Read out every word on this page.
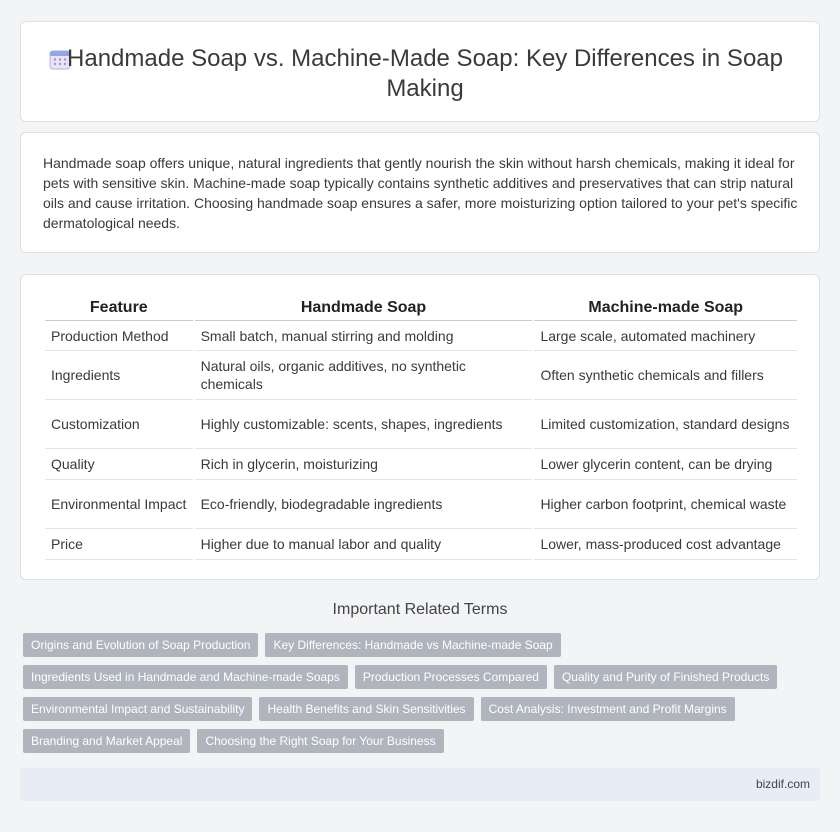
Handmade Soap vs. Machine-Made Soap: Key Differences in Soap Making

Handmade soap offers unique, natural ingredients that gently nourish the skin without harsh chemicals, making it ideal for pets with sensitive skin. Machine-made soap typically contains synthetic additives and preservatives that can strip natural oils and cause irritation. Choosing handmade soap ensures a safer, more moisturizing option tailored to your pet's specific dermatological needs.

Feature	Handmade Soap	Machine-made Soap
Production Method	Small batch, manual stirring and molding	Large scale, automated machinery
Ingredients	Natural oils, organic additives, no synthetic chemicals	Often synthetic chemicals and fillers
Customization	Highly customizable: scents, shapes, ingredients	Limited customization, standard designs
Quality	Rich in glycerin, moisturizing	Lower glycerin content, can be drying
Environmental Impact	Eco-friendly, biodegradable ingredients	Higher carbon footprint, chemical waste
Price	Higher due to manual labor and quality	Lower, mass-produced cost advantage
Important Related Terms
Origins and Evolution of Soap Production	Key Differences: Handmade vs Machine-made Soap
Ingredients Used in Handmade and Machine-made Soaps	Production Processes Compared	Quality and Purity of Finished Products
Environmental Impact and Sustainability	Health Benefits and Skin Sensitivities	Cost Analysis: Investment and Profit Margins
Branding and Market Appeal	Choosing the Right Soap for Your Business
bizdif.com
